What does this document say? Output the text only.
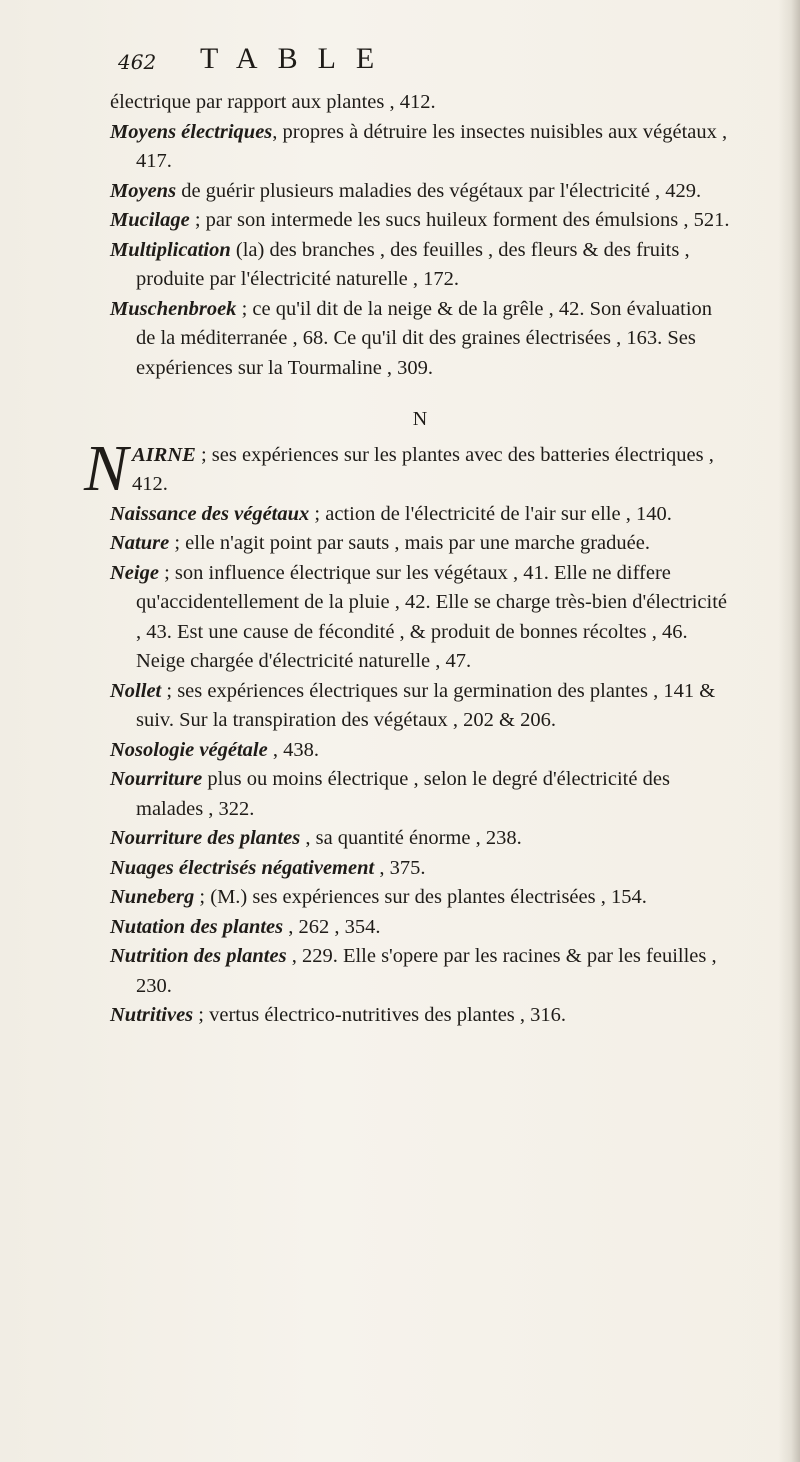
462 TABLE

électrique par rapport aux plantes , 412.

Moyens électriques, propres à détruire les insectes nuisibles aux végétaux , 417.

Moyens de guérir plusieurs maladies des végétaux par l'électricité , 429.

Mucilage ; par son intermede les sucs huileux forment des émulsions , 521.

Multiplication (la) des branches , des feuilles , des fleurs & des fruits , produite par l'électricité naturelle , 172.

Muschenbroek ; ce qu'il dit de la neige & de la grêle , 42. Son évaluation de la méditerranée , 68. Ce qu'il dit des graines électrisées , 163. Ses expériences sur la Tourmaline , 309.

N

NAIRNE ; ses expériences sur les plantes avec des batteries électriques , 412.

Naissance des végétaux ; action de l'électricité de l'air sur elle , 140.

Nature ; elle n'agit point par sauts , mais par une marche graduée.

Neige ; son influence électrique sur les végétaux , 41. Elle ne differe qu'accidentellement de la pluie , 42. Elle se charge très-bien d'électricité , 43. Est une cause de fécondité , & produit de bonnes récoltes , 46. Neige chargée d'électricité naturelle , 47.

Nollet ; ses expériences électriques sur la germination des plantes , 141 & suiv. Sur la transpiration des végétaux , 202 & 206.

Nosologie végétale , 438.

Nourriture plus ou moins électrique , selon le degré d'électricité des malades , 322.

Nourriture des plantes , sa quantité énorme , 238.

Nuages électrisés négativement , 375.

Nuneberg ; (M.) ses expériences sur des plantes électrisées , 154.

Nutation des plantes , 262 , 354.

Nutrition des plantes , 229. Elle s'opere par les racines & par les feuilles , 230.

Nutritives ; vertus électrico-nutritives des plantes , 316.
